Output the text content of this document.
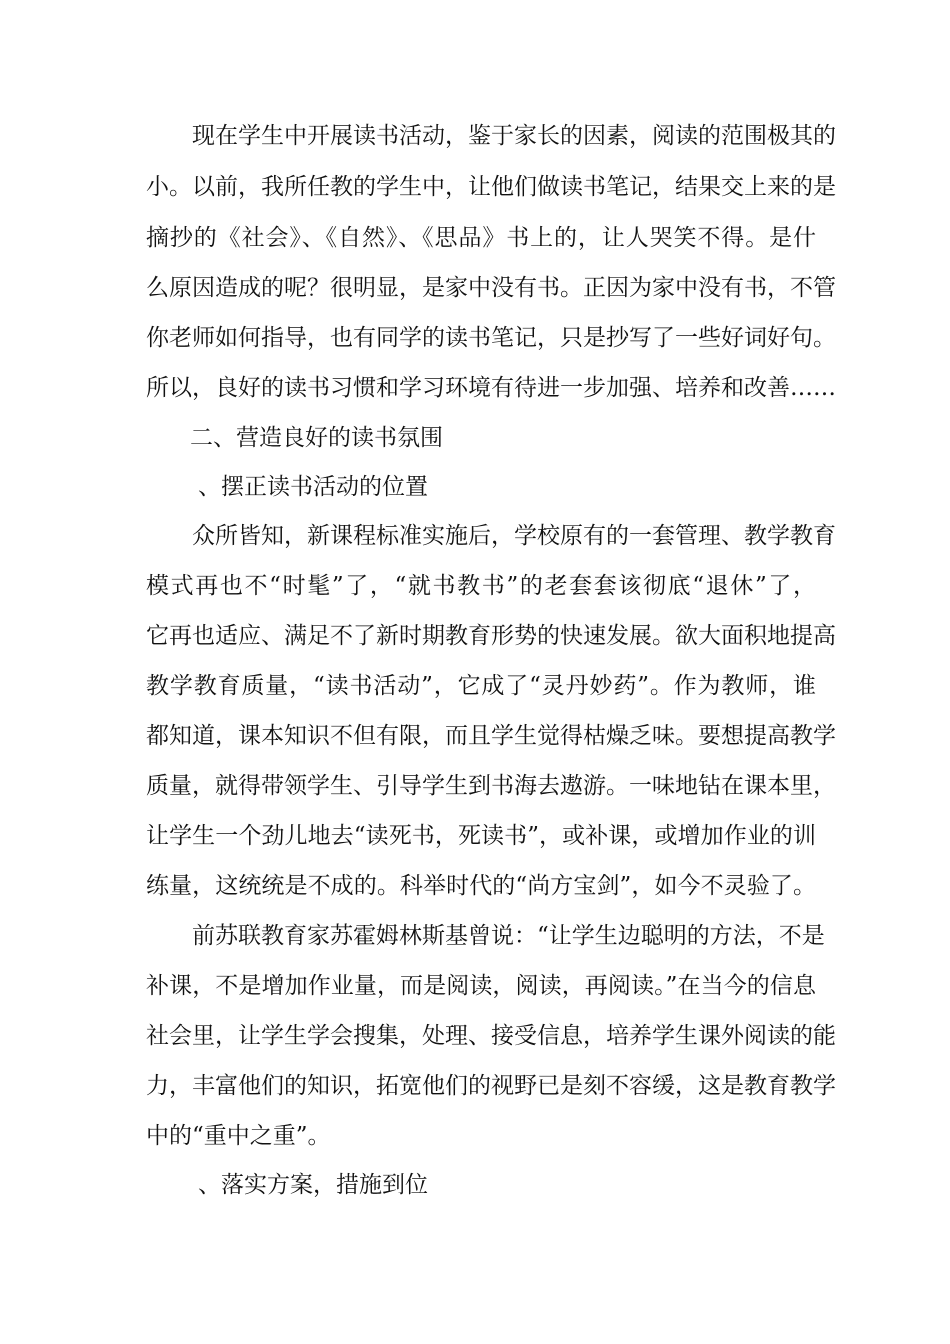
现在学生中开展读书活动，鉴于家长的因素，阅读的范围极其的
小。以前，我所任教的学生中，让他们做读书笔记，结果交上来的是
摘抄的《社会》、《自然》、《思品》书上的，让人哭笑不得。是什
么原因造成的呢？很明显，是家中没有书。正因为家中没有书，不管
你老师如何指导，也有同学的读书笔记，只是抄写了一些好词好句。
所以，良好的读书习惯和学习环境有待进一步加强、培养和改善……
二、营造良好的读书氛围
、摆正读书活动的位置
众所皆知，新课程标准实施后，学校原有的一套管理、教学教育
模式再也不“时髦”了，“就书教书”的老套套该彻底“退休”了，
它再也适应、满足不了新时期教育形势的快速发展。欲大面积地提高
教学教育质量，“读书活动”，它成了“灵丹妙药”。作为教师，谁
都知道，课本知识不但有限，而且学生觉得枯燥乏味。要想提高教学
质量，就得带领学生、引导学生到书海去遨游。一味地钻在课本里，
让学生一个劲儿地去“读死书，死读书”，或补课，或增加作业的训
练量，这统统是不成的。科举时代的“尚方宝剑”，如今不灵验了。
前苏联教育家苏霍姆林斯基曾说：“让学生边聪明的方法，不是
补课，不是增加作业量，而是阅读，阅读，再阅读。”在当今的信息
社会里，让学生学会搜集，处理、接受信息，培养学生课外阅读的能
力，丰富他们的知识，拓宽他们的视野已是刻不容缓，这是教育教学
中的“重中之重”。
、落实方案，措施到位
